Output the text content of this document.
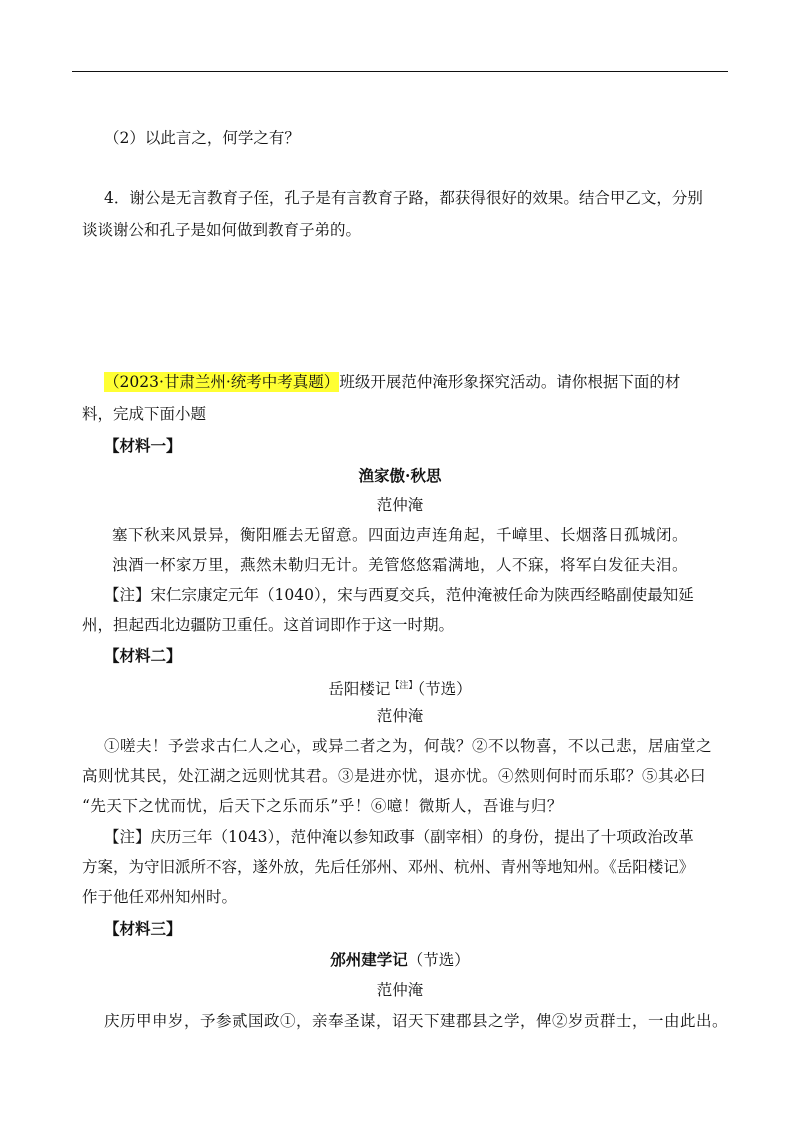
（2）以此言之，何学之有？
4．谢公是无言教育子侄，孔子是有言教育子路，都获得很好的效果。结合甲乙文，分别
谈谈谢公和孔子是如何做到教育子弟的。
（2023·甘肃兰州·统考中考真题）班级开展范仲淹形象探究活动。请你根据下面的材
料，完成下面小题
【材料一】
渔家傲·秋思
范仲淹
塞下秋来风景异，衡阳雁去无留意。四面边声连角起，千嶂里、长烟落日孤城闭。
浊酒一杯家万里，燕然未勒归无计。羌管悠悠霜满地，人不寐，将军白发征夫泪。
【注】宋仁宗康定元年（1040），宋与西夏交兵，范仲淹被任命为陕西经略副使最知延
州，担起西北边疆防卫重任。这首词即作于这一时期。
【材料二】
岳阳楼记$^{【注】}$（节选）
范仲淹
①嗟夫！予尝求古仁人之心，或异二者之为，何哉？②不以物喜，不以己悲，居庙堂之
高则忧其民，处江湖之远则忧其君。③是进亦忧，退亦忧。④然则何时而乐耶？⑤其必曰
“先天下之忧而忧，后天下之乐而乐”乎！⑥噫！微斯人，吾谁与归？
【注】庆历三年（1043），范仲淹以参知政事（副宰相）的身份，提出了十项政治改革
方案，为守旧派所不容，遂外放，先后任邠州、邓州、杭州、青州等地知州。《岳阳楼记》
作于他任邓州知州时。
【材料三】
邠州建学记（节选）
范仲淹
庆历甲申岁，予参贰国政①，亲奉圣谋，诏天下建郡县之学，俾②岁贡群士，一由此出。
